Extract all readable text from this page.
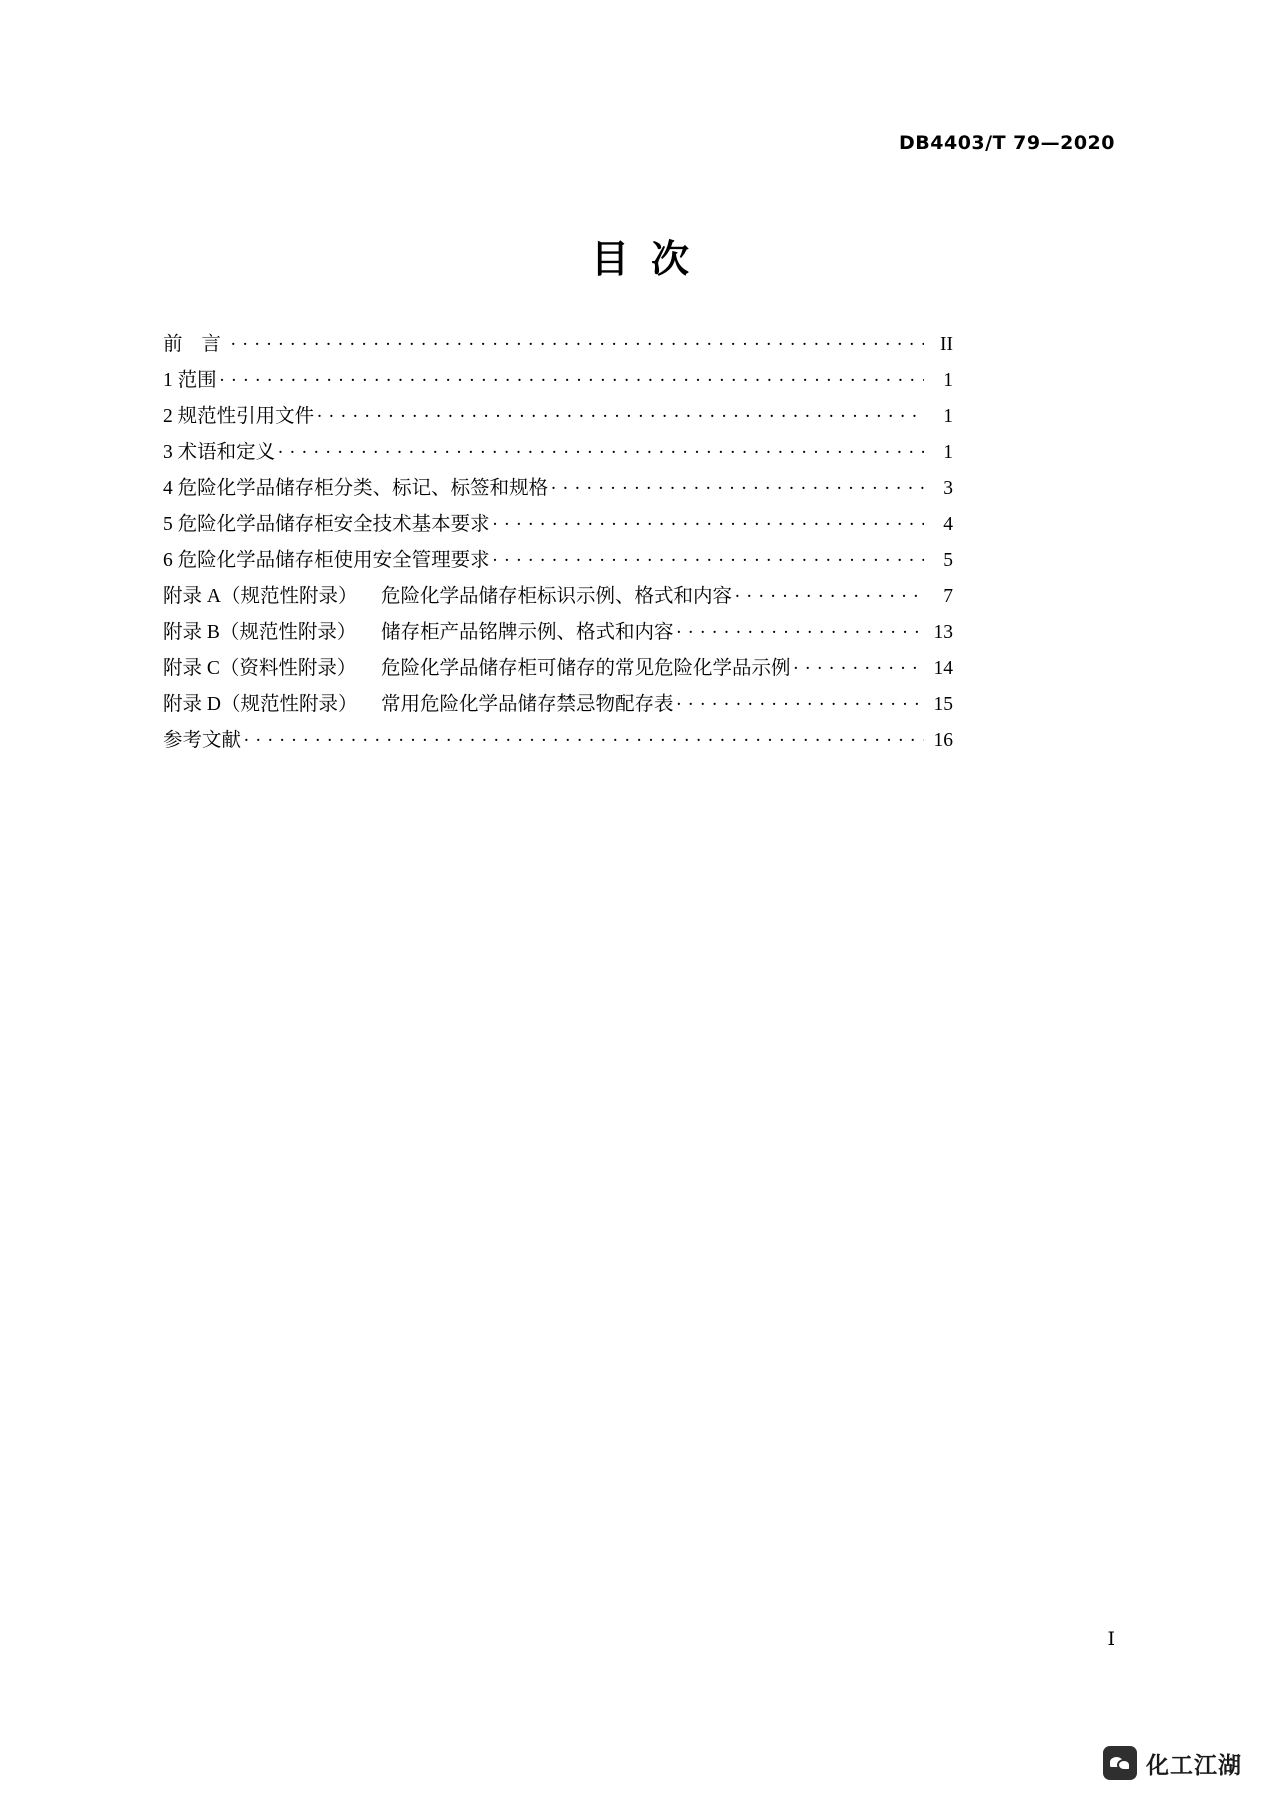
DB4403/T 79—2020
目次
前 言 . . .	II
1 范围 . . .	1
2 规范性引用文件 . . .	1
3 术语和定义 . . .	1
4 危险化学品储存柜分类、标记、标签和规格 . . .	3
5 危险化学品储存柜安全技术基本要求 . . .	4
6 危险化学品储存柜使用安全管理要求 . . .	5
附录 A（规范性附录）	危险化学品储存柜标识示例、格式和内容 . . .	7
附录 B（规范性附录）	储存柜产品铭牌示例、格式和内容 . . .	13
附录 C（资料性附录）	危险化学品储存柜可储存的常见危险化学品示例 . . .	14
附录 D（规范性附录）	常用危险化学品储存禁忌物配存表 . . .	15
参考文献 . . .	16
I
化工江湖
